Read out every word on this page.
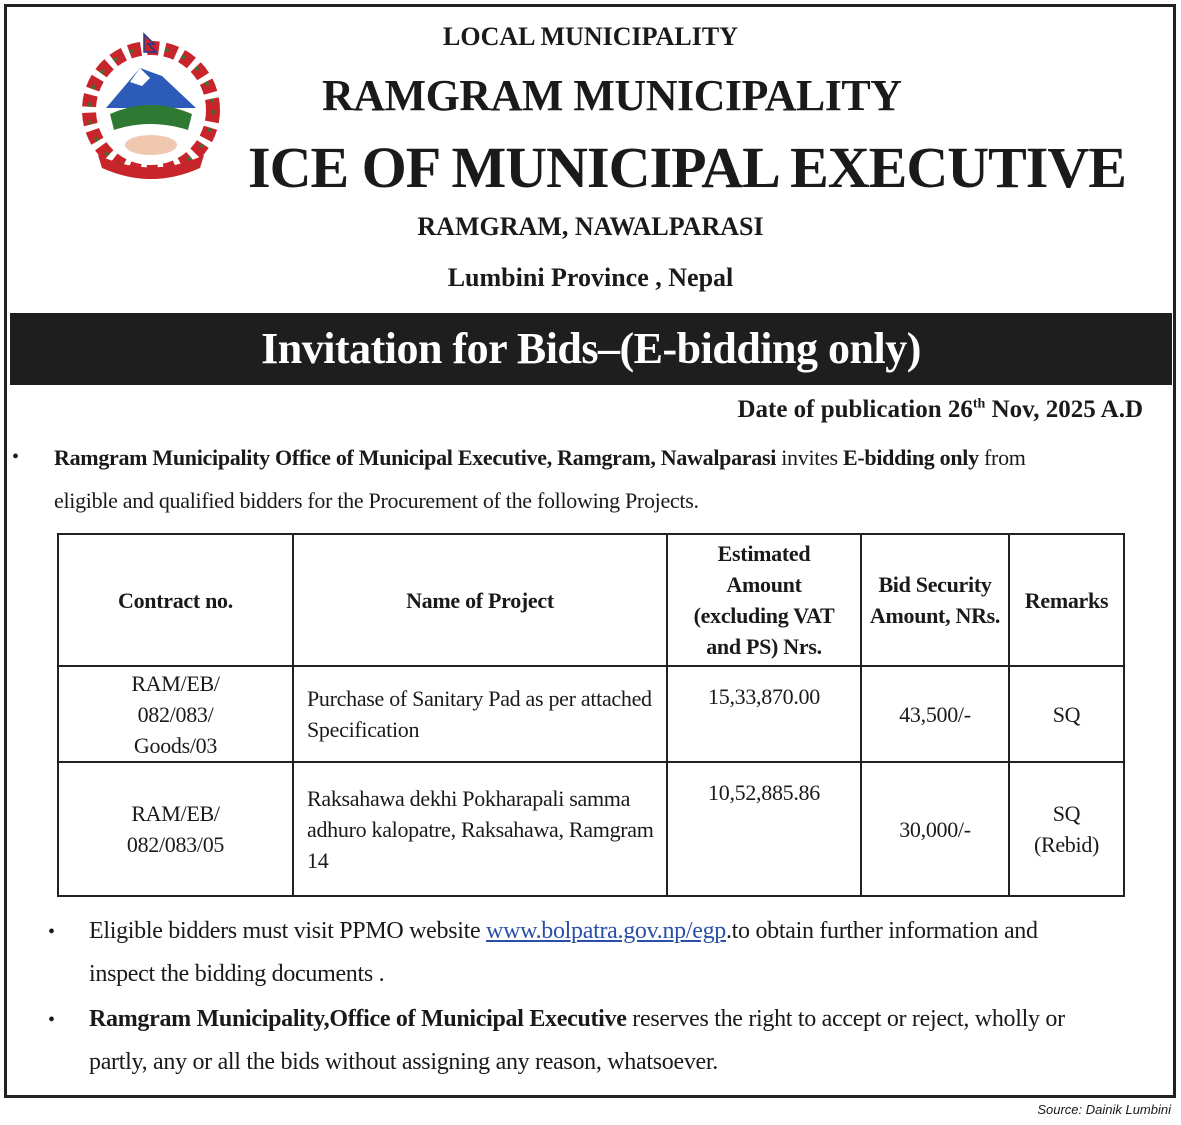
LOCAL MUNICIPALITY
RAMGRAM MUNICIPALITY
ICE OF MUNICIPAL EXECUTIVE
RAMGRAM, NAWALPARASI
Lumbini Province , Nepal
Invitation for Bids–(E-bidding only)
Date of publication 26th Nov, 2025 A.D
• Ramgram Municipality Office of Municipal Executive, Ramgram, Nawalparasi invites E-bidding only from
eligible and qualified bidders for the Procurement of the following Projects.
Contract no.	Name of Project	Estimated Amount (excluding VAT and PS) Nrs.	Bid Security Amount, NRs.	Remarks
RAM/EB/ 082/083/ Goods/03	Purchase of Sanitary Pad as per attached Specification	15,33,870.00	43,500/-	SQ
RAM/EB/ 082/083/05	Raksahawa dekhi Pokharapali samma adhuro kalopatre, Raksahawa, Ramgram 14	10,52,885.86	30,000/-	SQ (Rebid)
• Eligible bidders must visit PPMO website www.bolpatra.gov.np/egp.to obtain further information and
inspect the bidding documents .
• Ramgram Municipality,Office of Municipal Executive reserves the right to accept or reject, wholly or
partly, any or all the bids without assigning any reason, whatsoever.
Source: Dainik Lumbini
